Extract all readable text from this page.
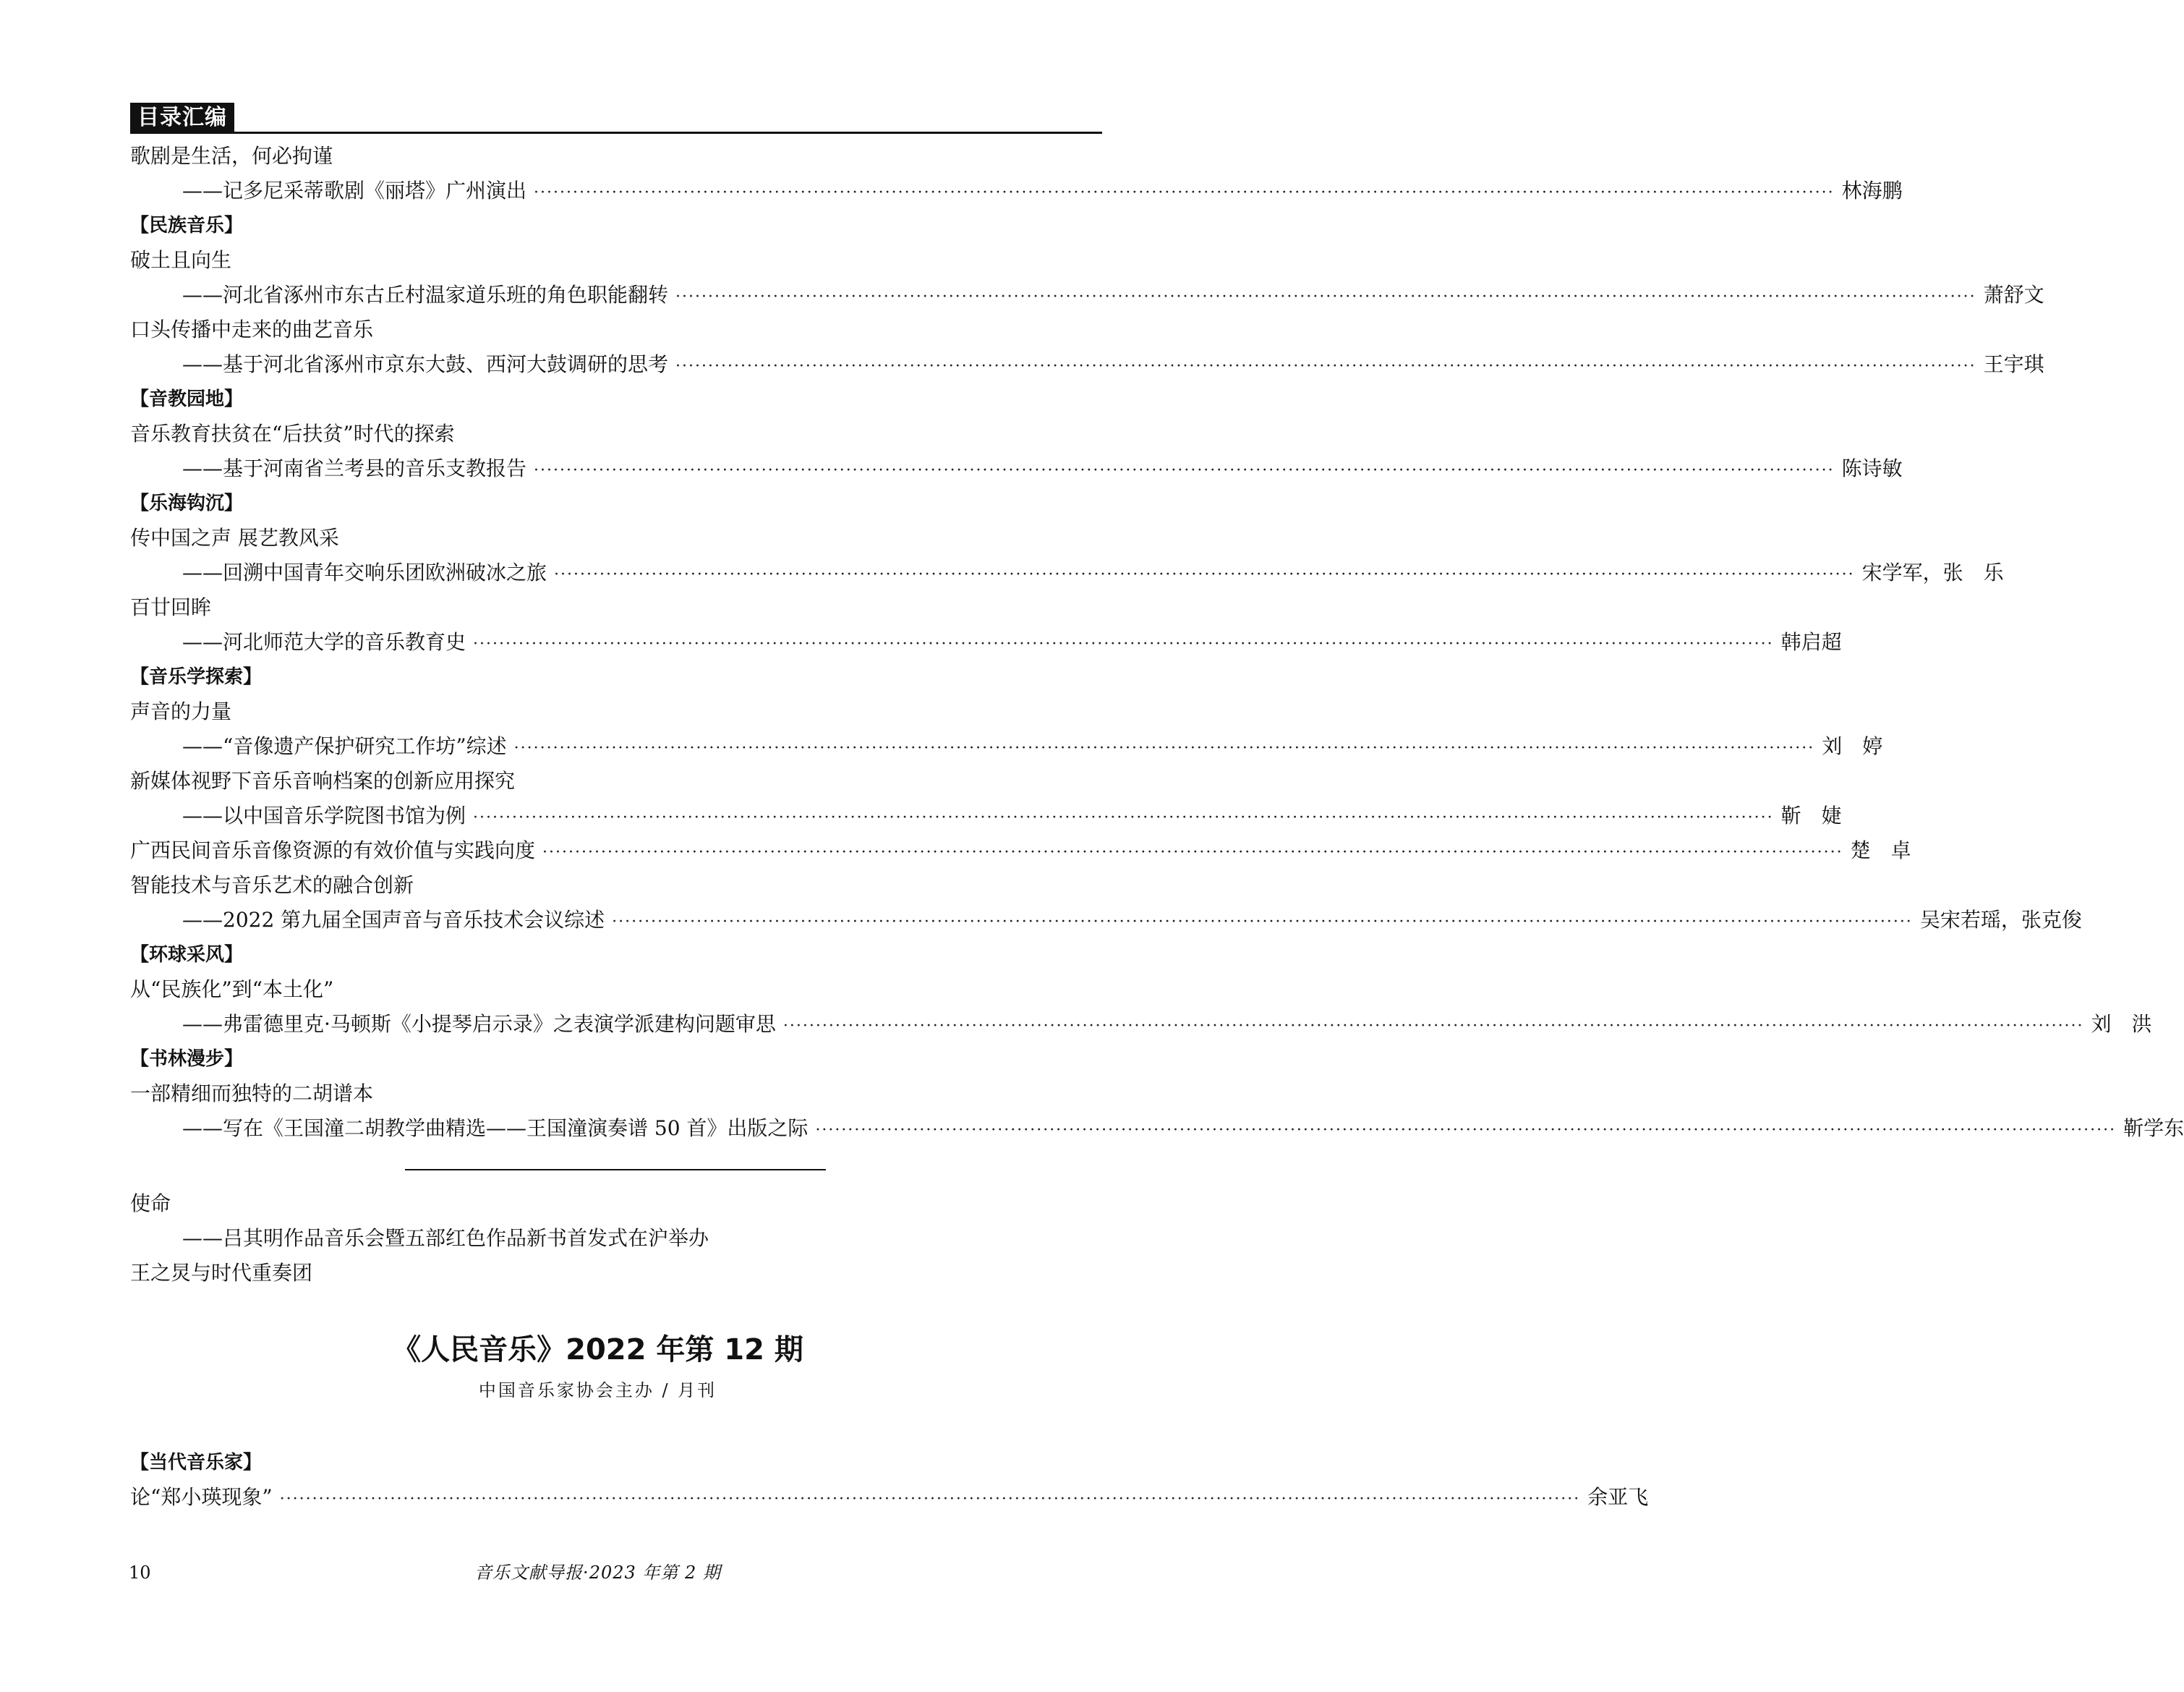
目录汇编
歌剧是生活，何必拘谨
——记多尼采蒂歌剧《丽塔》广州演出 ········································································································································································································ 林海鹏
【民族音乐】
破土且向生
——河北省涿州市东古丘村温家道乐班的角色职能翻转 ········································································································································································································ 萧舒文
口头传播中走来的曲艺音乐
——基于河北省涿州市京东大鼓、西河大鼓调研的思考 ········································································································································································································ 王宇琪
【音教园地】
音乐教育扶贫在“后扶贫”时代的探索
——基于河南省兰考县的音乐支教报告 ········································································································································································································ 陈诗敏
【乐海钩沉】
传中国之声 展艺教风采
——回溯中国青年交响乐团欧洲破冰之旅 ········································································································································································································ 宋学军，张　乐
百廿回眸
——河北师范大学的音乐教育史 ········································································································································································································ 韩启超
【音乐学探索】
声音的力量
——“音像遗产保护研究工作坊”综述 ········································································································································································································ 刘　婷
新媒体视野下音乐音响档案的创新应用探究
——以中国音乐学院图书馆为例 ········································································································································································································ 靳　婕
广西民间音乐音像资源的有效价值与实践向度 ········································································································································································································ 楚　卓
智能技术与音乐艺术的融合创新
——2022 第九届全国声音与音乐技术会议综述 ········································································································································································································ 吴宋若瑶，张克俊
【环球采风】
从“民族化”到“本土化”
——弗雷德里克·马顿斯《小提琴启示录》之表演学派建构问题审思 ········································································································································································································ 刘　洪
【书林漫步】
一部精细而独特的二胡谱本
——写在《王国潼二胡教学曲精选——王国潼演奏谱 50 首》出版之际 ········································································································································································································ 靳学东
使命
——吕其明作品音乐会暨五部红色作品新书首发式在沪举办
王之炅与时代重奏团
《人民音乐》2022 年第 12 期
中国音乐家协会主办 / 月刊
【当代音乐家】
论“郑小瑛现象” ········································································································································································································ 余亚飞
10	音乐文献导报·2023 年第 2 期
